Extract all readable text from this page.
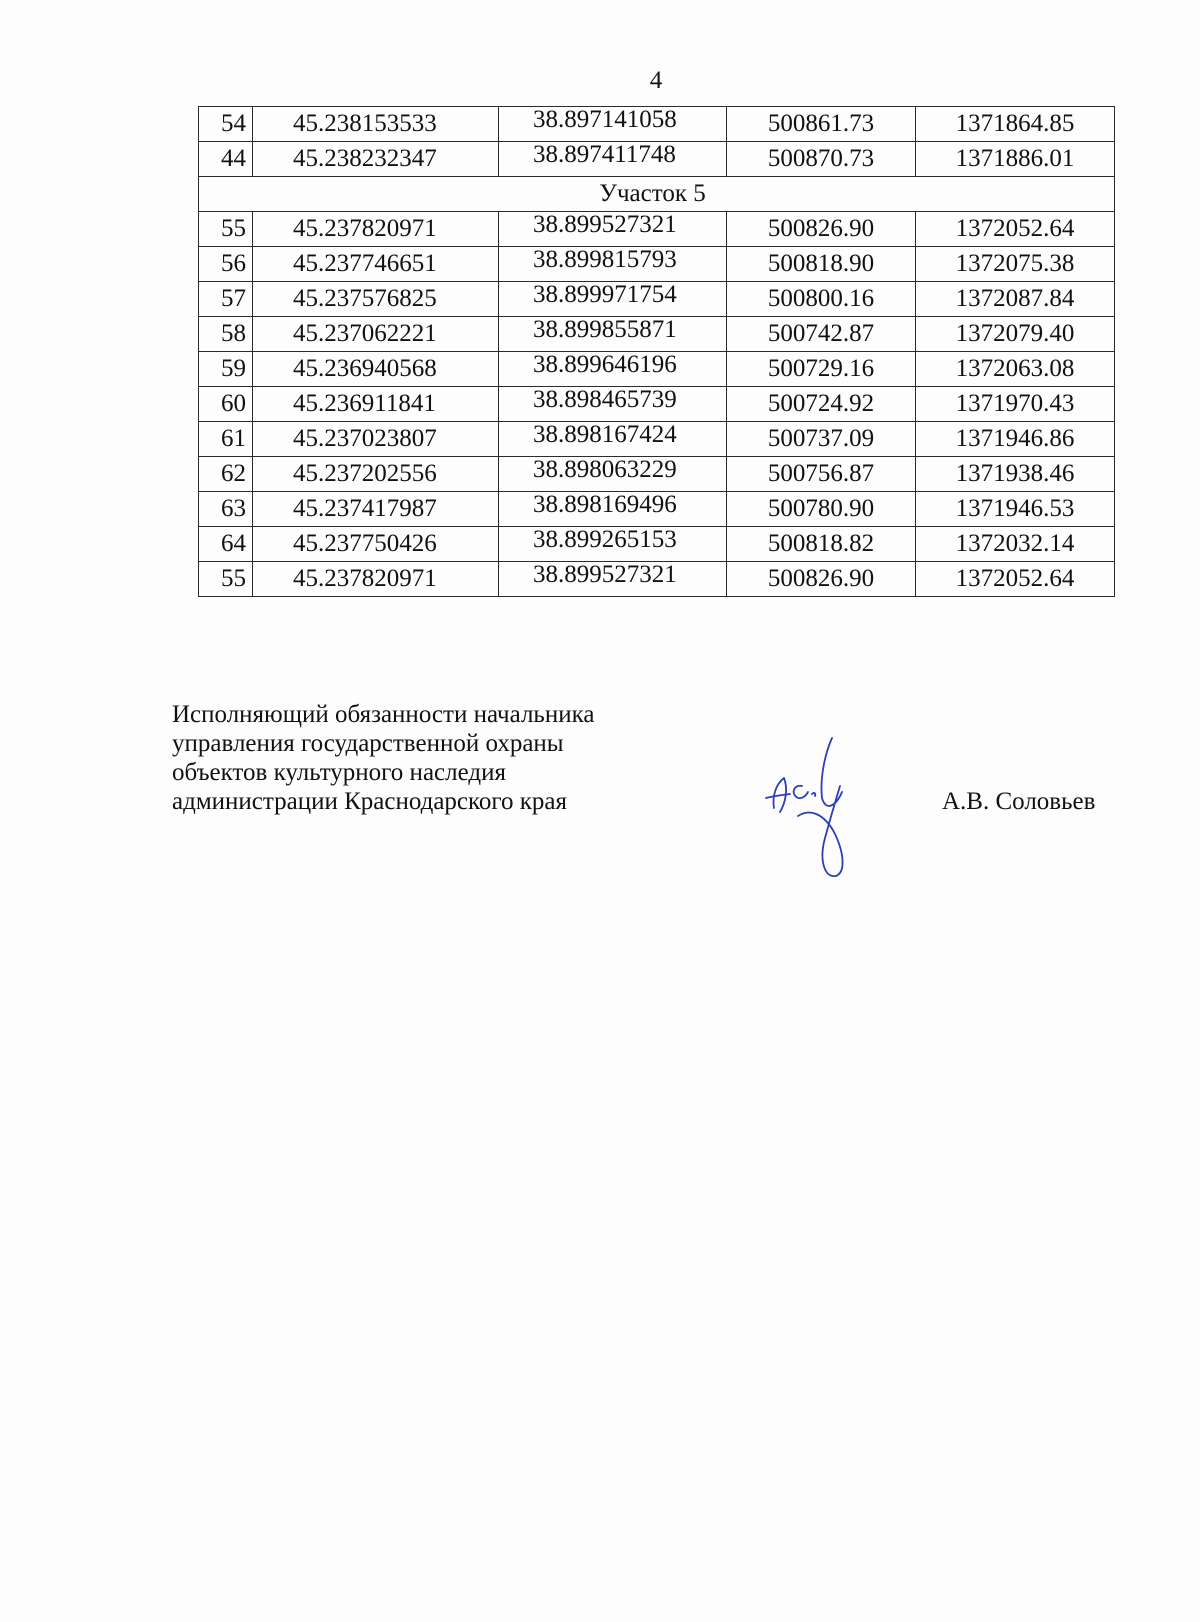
4
54	45.238153533	38.897141058	500861.73	1371864.85
44	45.238232347	38.897411748	500870.73	1371886.01
Участок 5				
55	45.237820971	38.899527321	500826.90	1372052.64
56	45.237746651	38.899815793	500818.90	1372075.38
57	45.237576825	38.899971754	500800.16	1372087.84
58	45.237062221	38.899855871	500742.87	1372079.40
59	45.236940568	38.899646196	500729.16	1372063.08
60	45.236911841	38.898465739	500724.92	1371970.43
61	45.237023807	38.898167424	500737.09	1371946.86
62	45.237202556	38.898063229	500756.87	1371938.46
63	45.237417987	38.898169496	500780.90	1371946.53
64	45.237750426	38.899265153	500818.82	1372032.14
55	45.237820971	38.899527321	500826.90	1372052.64
Исполняющий обязанности начальника
управления государственной охраны
объектов культурного наследия
администрации Краснодарского края	А.В. Соловьев
